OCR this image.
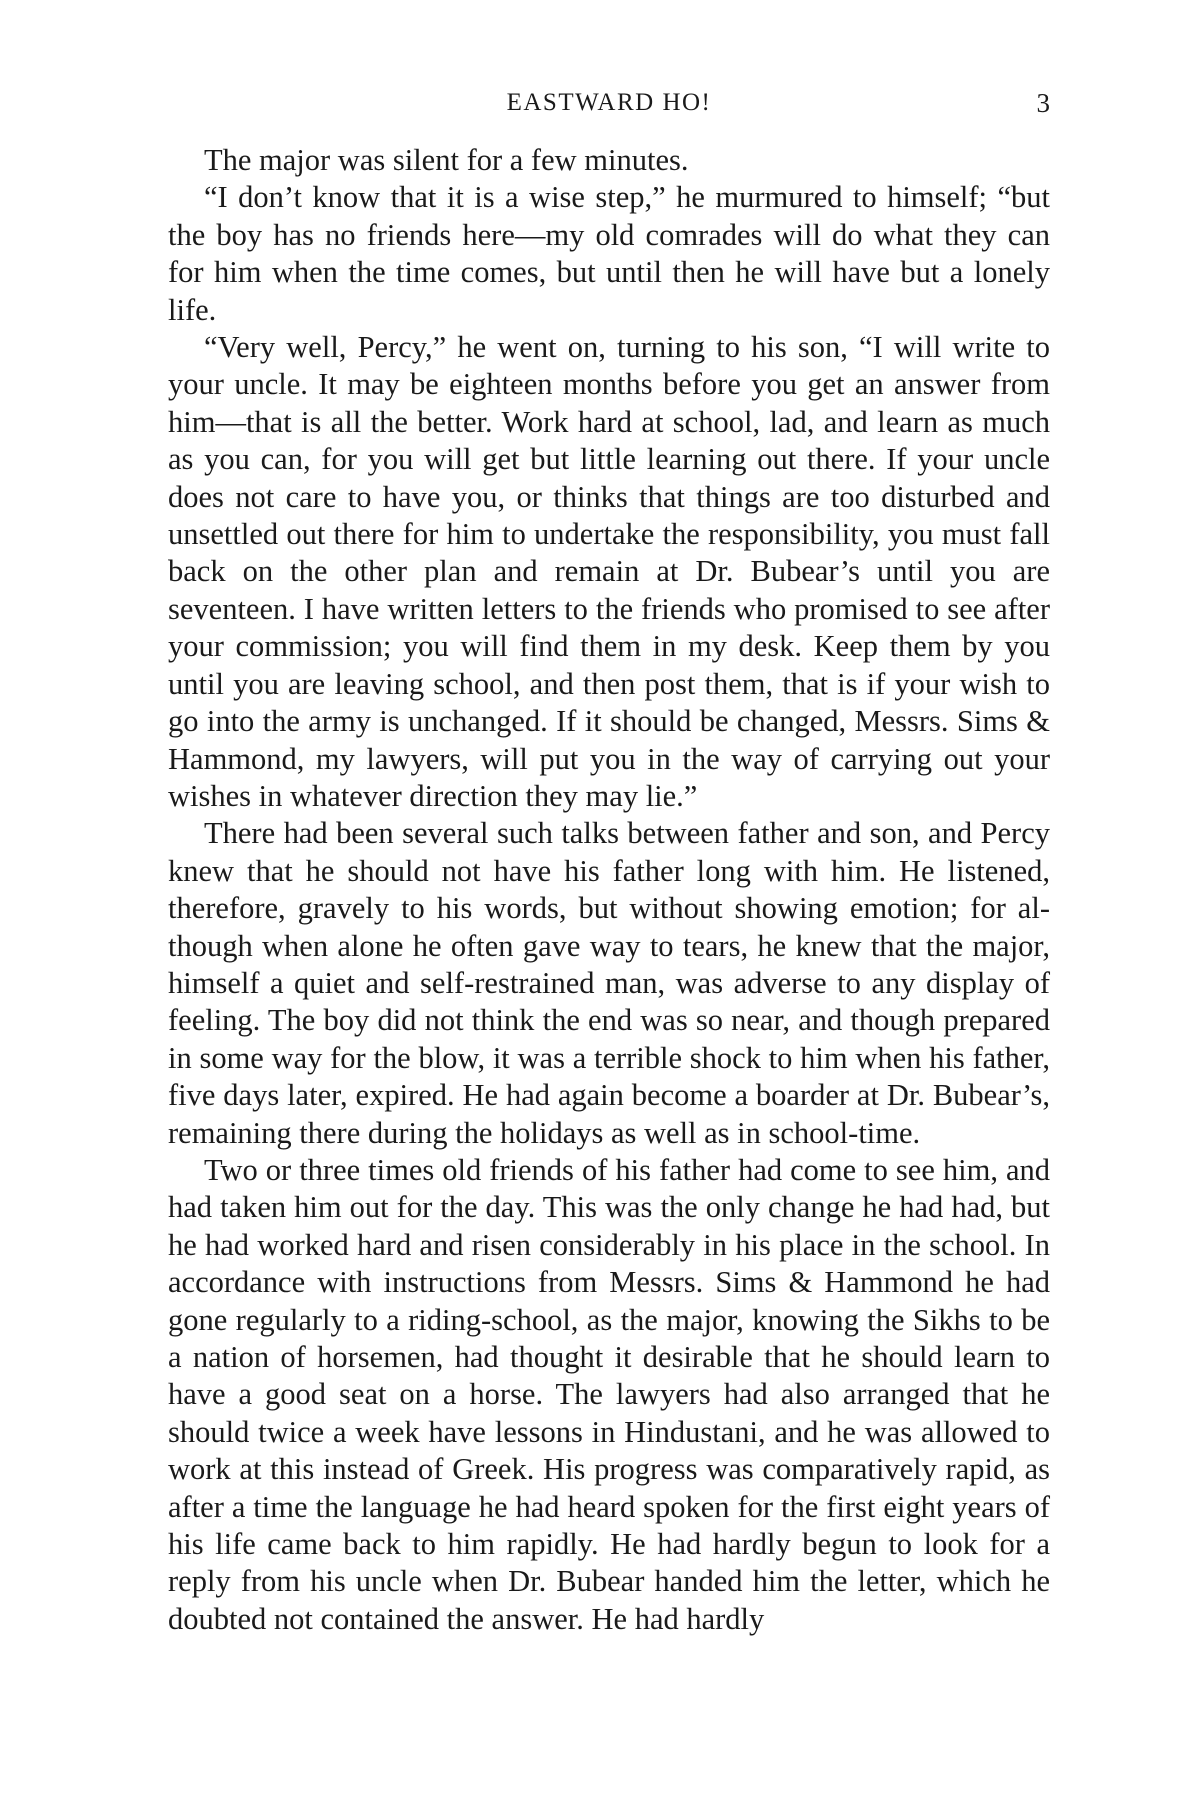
EASTWARD HO!	3

The major was silent for a few minutes.

“I don’t know that it is a wise step,” he murmured to himself; “but the boy has no friends here—my old comrades will do what they can for him when the time comes, but until then he will have but a lonely life.

“Very well, Percy,” he went on, turning to his son, “I will write to your uncle. It may be eighteen months before you get an answer from him—that is all the better. Work hard at school, lad, and learn as much as you can, for you will get but little learning out there. If your uncle does not care to have you, or thinks that things are too disturbed and unsettled out there for him to undertake the responsibility, you must fall back on the other plan and remain at Dr. Bubear’s until you are seventeen. I have written letters to the friends who promised to see after your commission; you will find them in my desk. Keep them by you until you are leaving school, and then post them, that is if your wish to go into the army is unchanged. If it should be changed, Messrs. Sims & Hammond, my lawyers, will put you in the way of carrying out your wishes in whatever direction they may lie.”

There had been several such talks between father and son, and Percy knew that he should not have his father long with him. He listened, therefore, gravely to his words, but without showing emotion; for although when alone he often gave way to tears, he knew that the major, himself a quiet and self-restrained man, was adverse to any display of feeling. The boy did not think the end was so near, and though prepared in some way for the blow, it was a terrible shock to him when his father, five days later, expired. He had again become a boarder at Dr. Bubear’s, remaining there during the holidays as well as in school-time.

Two or three times old friends of his father had come to see him, and had taken him out for the day. This was the only change he had had, but he had worked hard and risen considerably in his place in the school. In accordance with instructions from Messrs. Sims & Hammond he had gone regularly to a riding-school, as the major, knowing the Sikhs to be a nation of horsemen, had thought it desirable that he should learn to have a good seat on a horse. The lawyers had also arranged that he should twice a week have lessons in Hindustani, and he was allowed to work at this instead of Greek. His progress was comparatively rapid, as after a time the language he had heard spoken for the first eight years of his life came back to him rapidly. He had hardly begun to look for a reply from his uncle when Dr. Bubear handed him the letter, which he doubted not contained the answer. He had hardly
